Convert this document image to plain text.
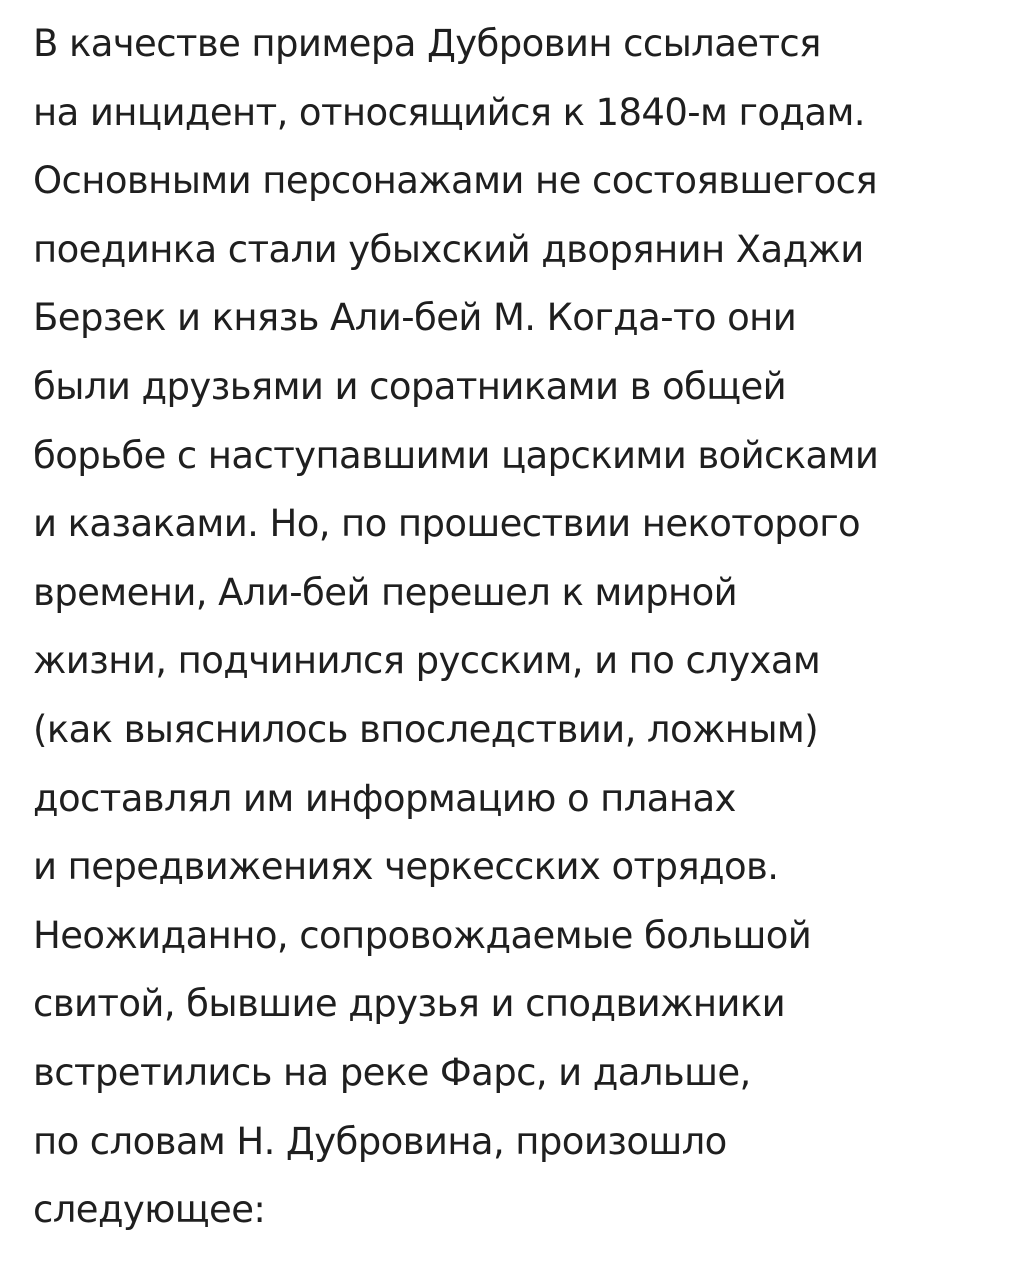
В качестве примера Дубровин ссылается
на инцидент, относящийся к 1840-м годам.
Основными персонажами не состоявшегося
поединка стали убыхский дворянин Хаджи
Берзек и князь Али-бей М. Когда-то они
были друзьями и соратниками в общей
борьбе с наступавшими царскими войсками
и казаками. Но, по прошествии некоторого
времени, Али-бей перешел к мирной
жизни, подчинился русским, и по слухам
(как выяснилось впоследствии, ложным)
доставлял им информацию о планах
и передвижениях черкесских отрядов.
Неожиданно, сопровождаемые большой
свитой, бывшие друзья и сподвижники
встретились на реке Фарс, и дальше,
по словам Н. Дубровина, произошло
следующее:
